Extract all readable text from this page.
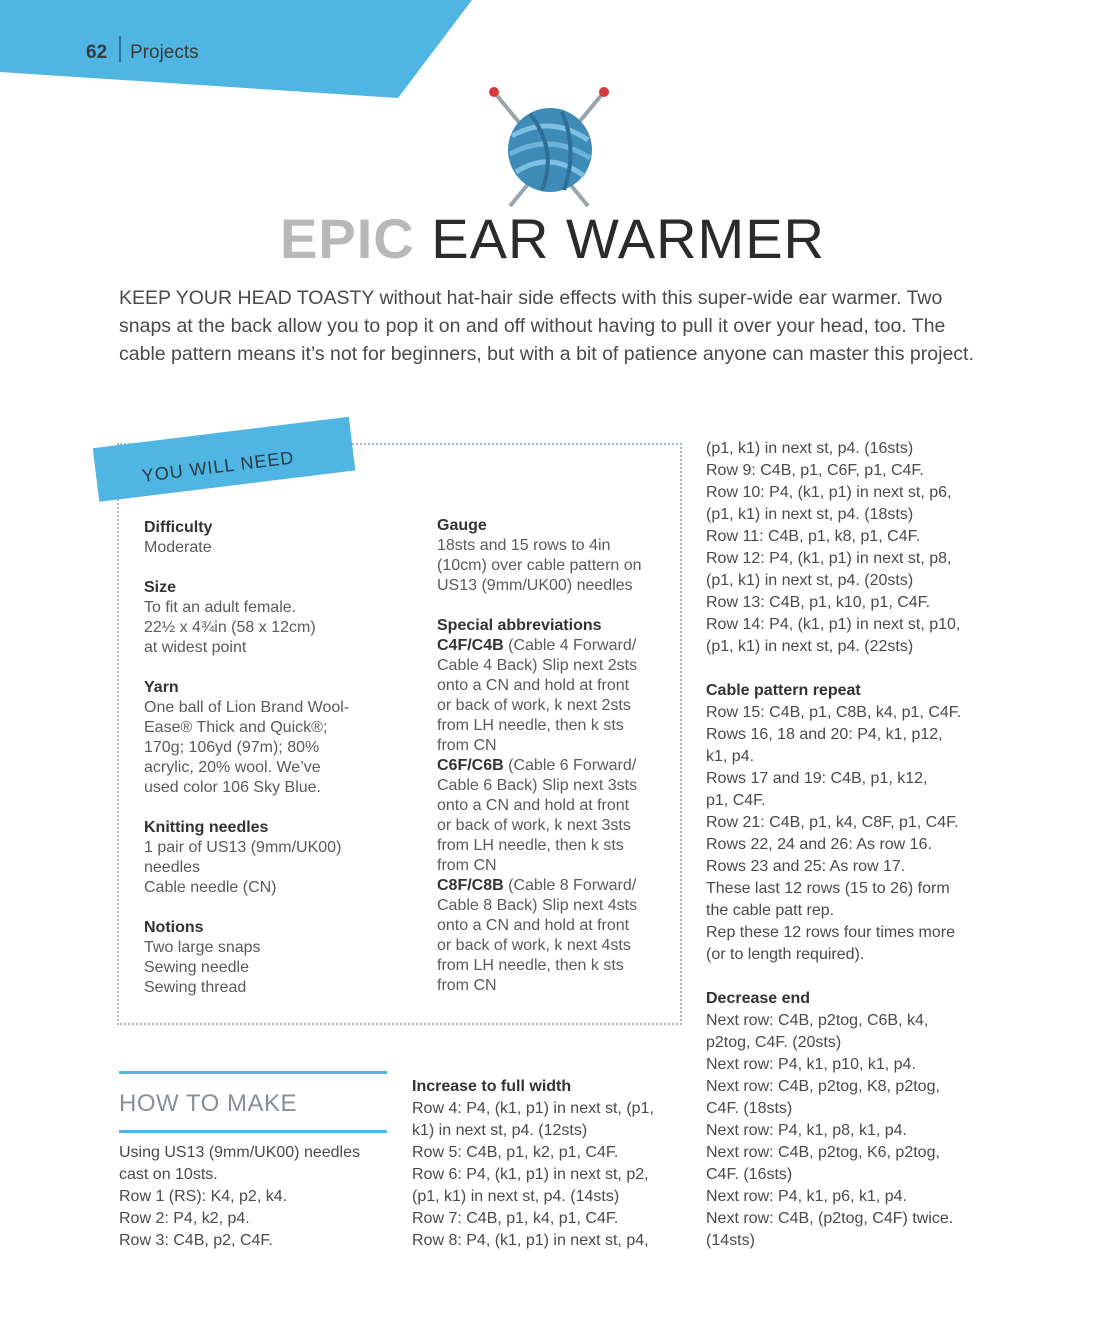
62 Projects
EPIC EAR WARMER
KEEP YOUR HEAD TOASTY without hat-hair side effects with this super-wide ear warmer. Two snaps at the back allow you to pop it on and off without having to pull it over your head, too. The cable pattern means it’s not for beginners, but with a bit of patience anyone can master this project.
YOU WILL NEED
Difficulty
Moderate
Size
To fit an adult female.
22½ x 4¾in (58 x 12cm)
at widest point
Yarn
One ball of Lion Brand Wool-
Ease® Thick and Quick®;
170g; 106yd (97m); 80%
acrylic, 20% wool. We’ve
used color 106 Sky Blue.
Knitting needles
1 pair of US13 (9mm/UK00)
needles
Cable needle (CN)
Notions
Two large snaps
Sewing needle
Sewing thread
Gauge
18sts and 15 rows to 4in
(10cm) over cable pattern on
US13 (9mm/UK00) needles
Special abbreviations
C4F/C4B (Cable 4 Forward/
Cable 4 Back) Slip next 2sts
onto a CN and hold at front
or back of work, k next 2sts
from LH needle, then k sts
from CN
C6F/C6B (Cable 6 Forward/
Cable 6 Back) Slip next 3sts
onto a CN and hold at front
or back of work, k next 3sts
from LH needle, then k sts
from CN
C8F/C8B (Cable 8 Forward/
Cable 8 Back) Slip next 4sts
onto a CN and hold at front
or back of work, k next 4sts
from LH needle, then k sts
from CN
HOW TO MAKE

Using US13 (9mm/UK00) needles

cast on 10sts.

Row 1 (RS): K4, p2, k4.

Row 2: P4, k2, p4.

Row 3: C4B, p2, C4F.

Increase to full width

Row 4: P4, (k1, p1) in next st, (p1,

k1) in next st, p4. (12sts)

Row 5: C4B, p1, k2, p1, C4F.

Row 6: P4, (k1, p1) in next st, p2,

(p1, k1) in next st, p4. (14sts)

Row 7: C4B, p1, k4, p1, C4F.

Row 8: P4, (k1, p1) in next st, p4,

(p1, k1) in next st, p4. (16sts)

Row 9: C4B, p1, C6F, p1, C4F.

Row 10: P4, (k1, p1) in next st, p6,

(p1, k1) in next st, p4. (18sts)

Row 11: C4B, p1, k8, p1, C4F.

Row 12: P4, (k1, p1) in next st, p8,

(p1, k1) in next st, p4. (20sts)

Row 13: C4B, p1, k10, p1, C4F.

Row 14: P4, (k1, p1) in next st, p10,

(p1, k1) in next st, p4. (22sts)

Cable pattern repeat

Row 15: C4B, p1, C8B, k4, p1, C4F.

Rows 16, 18 and 20: P4, k1, p12,

k1, p4.

Rows 17 and 19: C4B, p1, k12,

p1, C4F.

Row 21: C4B, p1, k4, C8F, p1, C4F.

Rows 22, 24 and 26: As row 16.

Rows 23 and 25: As row 17.

These last 12 rows (15 to 26) form

the cable patt rep.

Rep these 12 rows four times more

(or to length required).

Decrease end

Next row: C4B, p2tog, C6B, k4,

p2tog, C4F. (20sts)

Next row: P4, k1, p10, k1, p4.

Next row: C4B, p2tog, K8, p2tog,

C4F. (18sts)

Next row: P4, k1, p8, k1, p4.

Next row: C4B, p2tog, K6, p2tog,

C4F. (16sts)

Next row: P4, k1, p6, k1, p4.

Next row: C4B, (p2tog, C4F) twice.

(14sts)
